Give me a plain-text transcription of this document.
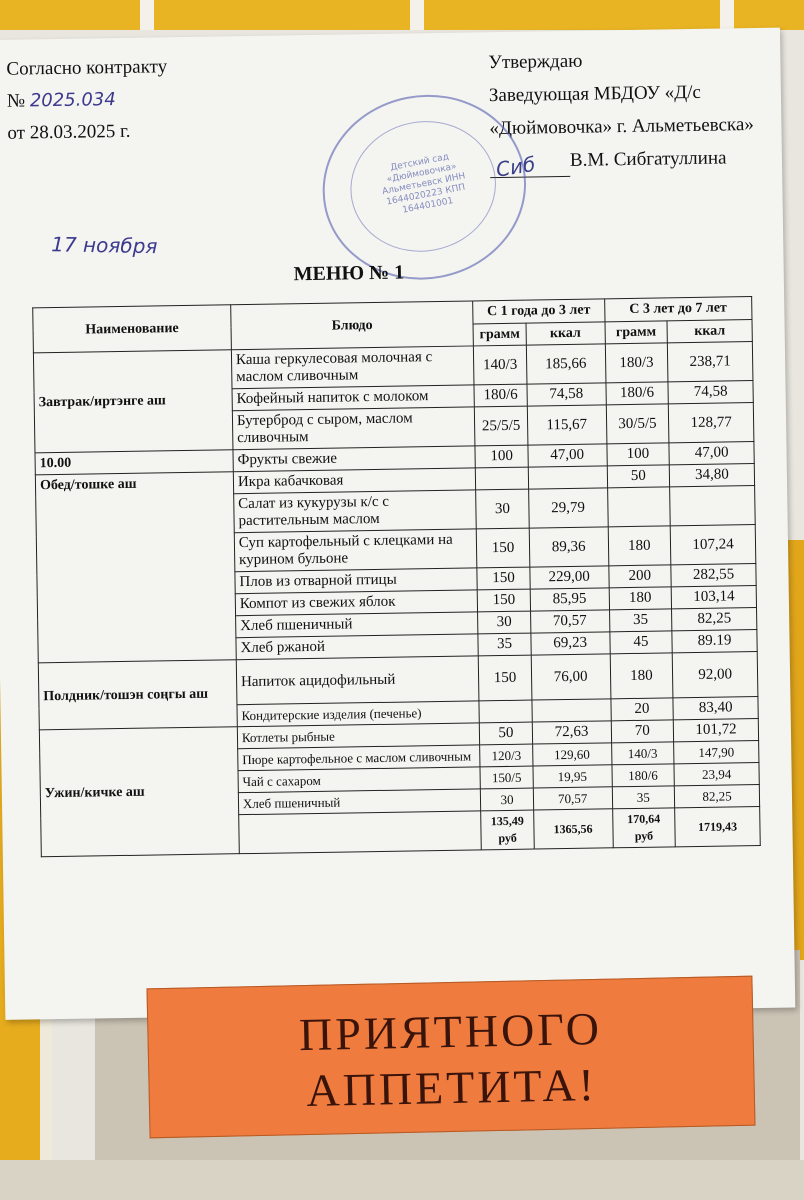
Согласно контракту
№ 2025.034
от 28.03.2025 г.
Утверждаю
Заведующая МБДОУ «Д/с
«Дюймовочка» г. Альметьевска»
Сиб В.М. Сибгатуллина
Детский сад «Дюймовочка» Альметьевск ИНН 1644020223 КПП 164401001
17 ноября
МЕНЮ № 1
Наименование	Блюдо	С 1 года до 3 лет		С 3 лет до 7 лет	
		грамм	ккал	грамм	ккал
Завтрак/иртэнге аш	Каша геркулесовая молочная с маслом сливочным	140/3	185,66	180/3	238,71
	Кофейный напиток с молоком	180/6	74,58	180/6	74,58
	Бутерброд с сыром, маслом сливочным	25/5/5	115,67	30/5/5	128,77
10.00	Фрукты свежие	100	47,00	100	47,00
Обед/тошке аш	Икра кабачковая			50	34,80
	Салат из кукурузы к/с с растительным маслом	30	29,79		
	Суп картофельный с клецками на курином бульоне	150	89,36	180	107,24
	Плов из отварной птицы	150	229,00	200	282,55
	Компот из свежих яблок	150	85,95	180	103,14
	Хлеб пшеничный	30	70,57	35	82,25
	Хлеб ржаной	35	69,23	45	89.19
Полдник/тошэн соңгы аш	Напиток ацидофильный	150	76,00	180	92,00
	Кондитерские изделия (печенье)			20	83,40
Ужин/кичке аш	Котлеты рыбные	50	72,63	70	101,72
	Пюре картофельное с маслом сливочным	120/3	129,60	140/3	147,90
	Чай с сахаром	150/5	19,95	180/6	23,94
	Хлеб пшеничный	30	70,57	35	82,25
		135,49 руб	1365,56	170,64 руб	1719,43
ПРИЯТНОГО
АППЕТИТА!
